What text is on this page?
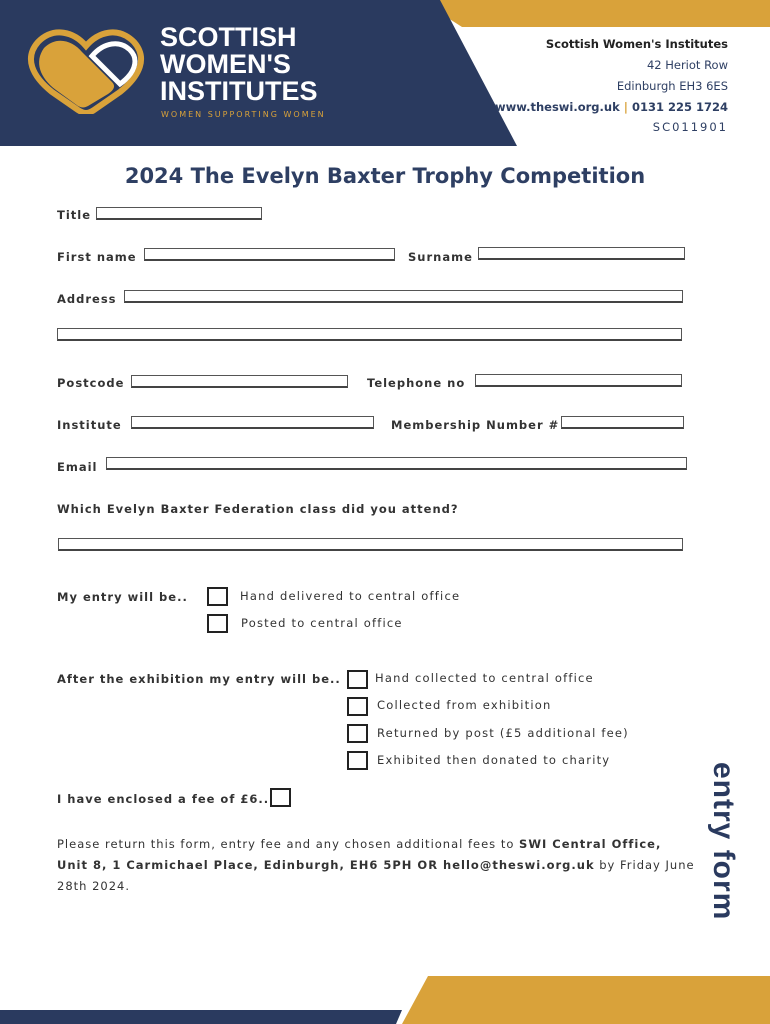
SCOTTISH
WOMEN'S
INSTITUTES
WOMEN SUPPORTING WOMEN
Scottish Women's Institutes
42 Heriot Row
Edinburgh EH3 6ES
www.theswi.org.uk | 0131 225 1724
SC011901
2024 The Evelyn Baxter Trophy Competition
Title
First name	Surname
Address
Postcode	Telephone no
Institute	Membership Number #
Email
Which Evelyn Baxter Federation class did you attend?
My entry will be..	Hand delivered to central office
Posted to central office
After the exhibition my entry will be..	Hand collected to central office
Collected from exhibition
Returned by post (£5 additional fee)
Exhibited then donated to charity
I have enclosed a fee of £6..
Please return this form, entry fee and any chosen additional fees to SWI Central Office, Unit 8, 1 Carmichael Place, Edinburgh, EH6 5PH OR hello@theswi.org.uk by Friday June 28th 2024.	entry form
